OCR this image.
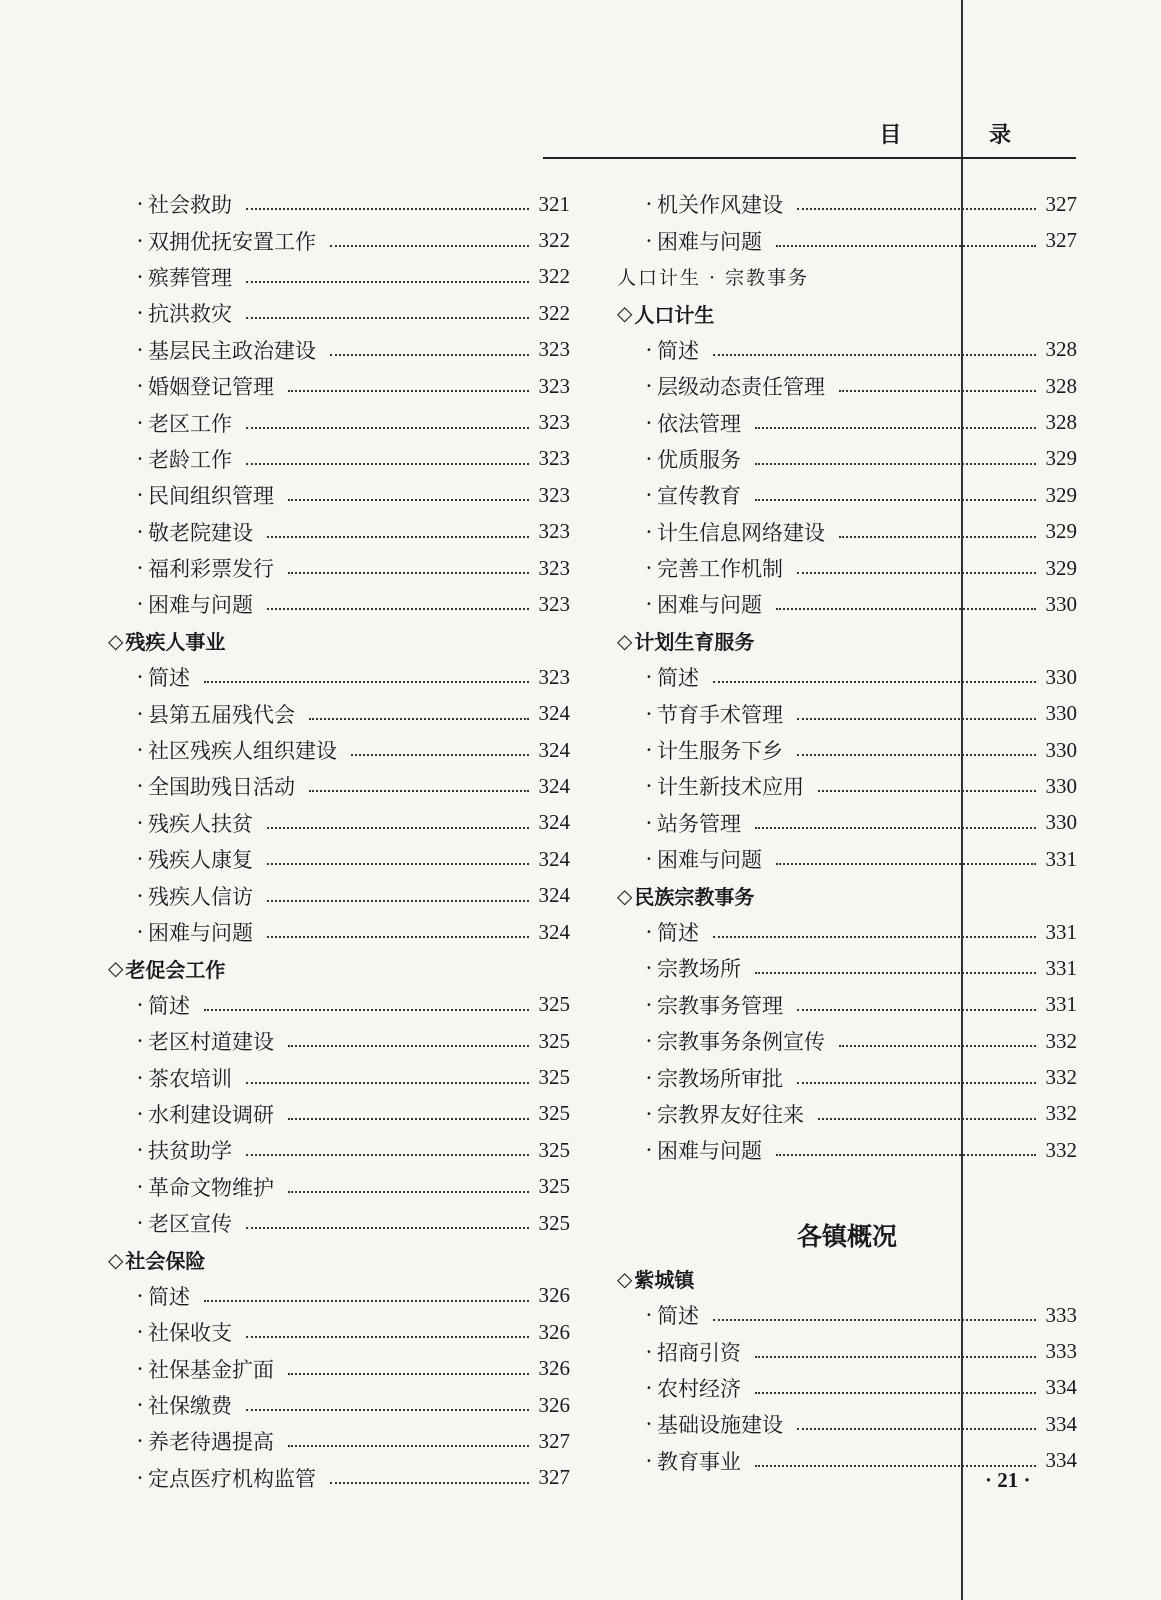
目 录
· 社会救助	321
· 双拥优抚安置工作	322
· 殡葬管理	322
· 抗洪救灾	322
· 基层民主政治建设	323
· 婚姻登记管理	323
· 老区工作	323
· 老龄工作	323
· 民间组织管理	323
· 敬老院建设	323
· 福利彩票发行	323
· 困难与问题	323
◇ 残疾人事业
· 简述	323
· 县第五届残代会	324
· 社区残疾人组织建设	324
· 全国助残日活动	324
· 残疾人扶贫	324
· 残疾人康复	324
· 残疾人信访	324
· 困难与问题	324
◇ 老促会工作
· 简述	325
· 老区村道建设	325
· 茶农培训	325
· 水利建设调研	325
· 扶贫助学	325
· 革命文物维护	325
· 老区宣传	325
◇ 社会保险
· 简述	326
· 社保收支	326
· 社保基金扩面	326
· 社保缴费	326
· 养老待遇提高	327
· 定点医疗机构监管	327
· 机关作风建设	327
· 困难与问题	327
人口计生 · 宗教事务
◇ 人口计生
· 简述	328
· 层级动态责任管理	328
· 依法管理	328
· 优质服务	329
· 宣传教育	329
· 计生信息网络建设	329
· 完善工作机制	329
· 困难与问题	330
◇ 计划生育服务
· 简述	330
· 节育手术管理	330
· 计生服务下乡	330
· 计生新技术应用	330
· 站务管理	330
· 困难与问题	331
◇ 民族宗教事务
· 简述	331
· 宗教场所	331
· 宗教事务管理	331
· 宗教事务条例宣传	332
· 宗教场所审批	332
· 宗教界友好往来	332
· 困难与问题	332
各镇概况
◇ 紫城镇
· 简述	333
· 招商引资	333
· 农村经济	334
· 基础设施建设	334
· 教育事业	334

· 21 ·
